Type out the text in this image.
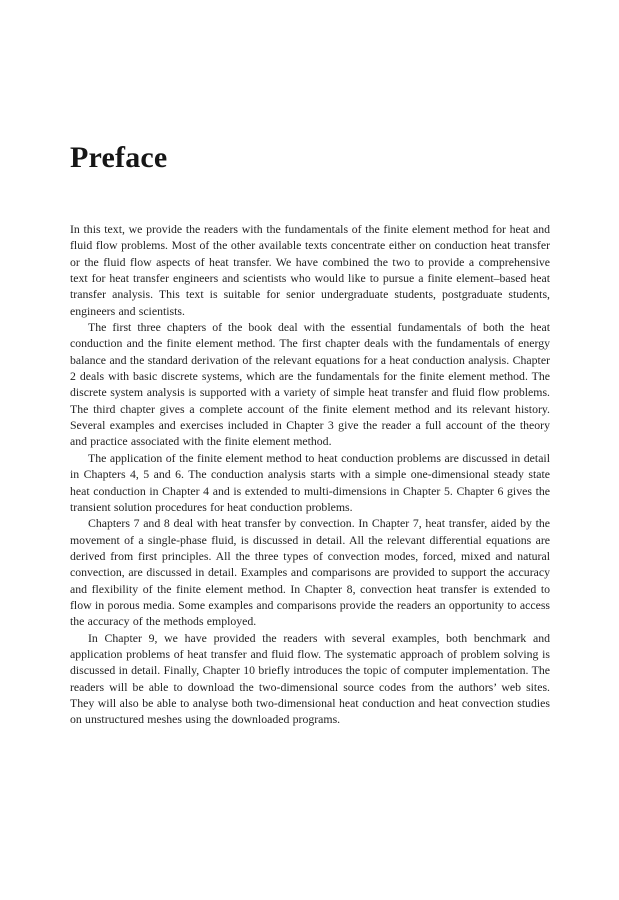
Preface

In this text, we provide the readers with the fundamentals of the finite element method for heat and fluid flow problems. Most of the other available texts concentrate either on conduction heat transfer or the fluid flow aspects of heat transfer. We have combined the two to provide a comprehensive text for heat transfer engineers and scientists who would like to pursue a finite element–based heat transfer analysis. This text is suitable for senior undergraduate students, postgraduate students, engineers and scientists.

The first three chapters of the book deal with the essential fundamentals of both the heat conduction and the finite element method. The first chapter deals with the fundamentals of energy balance and the standard derivation of the relevant equations for a heat conduction analysis. Chapter 2 deals with basic discrete systems, which are the fundamentals for the finite element method. The discrete system analysis is supported with a variety of simple heat transfer and fluid flow problems. The third chapter gives a complete account of the finite element method and its relevant history. Several examples and exercises included in Chapter 3 give the reader a full account of the theory and practice associated with the finite element method.

The application of the finite element method to heat conduction problems are discussed in detail in Chapters 4, 5 and 6. The conduction analysis starts with a simple one-dimensional steady state heat conduction in Chapter 4 and is extended to multi-dimensions in Chapter 5. Chapter 6 gives the transient solution procedures for heat conduction problems.

Chapters 7 and 8 deal with heat transfer by convection. In Chapter 7, heat transfer, aided by the movement of a single-phase fluid, is discussed in detail. All the relevant differential equations are derived from first principles. All the three types of convection modes, forced, mixed and natural convection, are discussed in detail. Examples and comparisons are provided to support the accuracy and flexibility of the finite element method. In Chapter 8, convection heat transfer is extended to flow in porous media. Some examples and comparisons provide the readers an opportunity to access the accuracy of the methods employed.

In Chapter 9, we have provided the readers with several examples, both benchmark and application problems of heat transfer and fluid flow. The systematic approach of problem solving is discussed in detail. Finally, Chapter 10 briefly introduces the topic of computer implementation. The readers will be able to download the two-dimensional source codes from the authors’ web sites. They will also be able to analyse both two-dimensional heat conduction and heat convection studies on unstructured meshes using the downloaded programs.
